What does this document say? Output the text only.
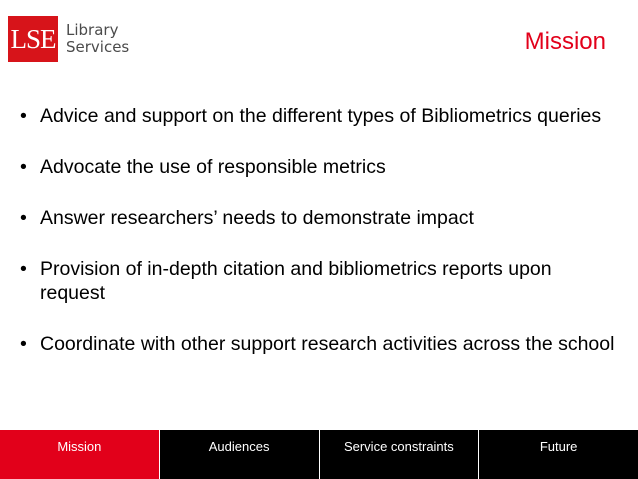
LSE Library
Services	Mission
• Advice and support on the different types of Bibliometrics queries
• Advocate the use of responsible metrics
• Answer researchers’ needs to demonstrate impact
• Provision of in-depth citation and bibliometrics reports upon request
• Coordinate with other support research activities across the school
Mission	Audiences	Service constraints	Future
